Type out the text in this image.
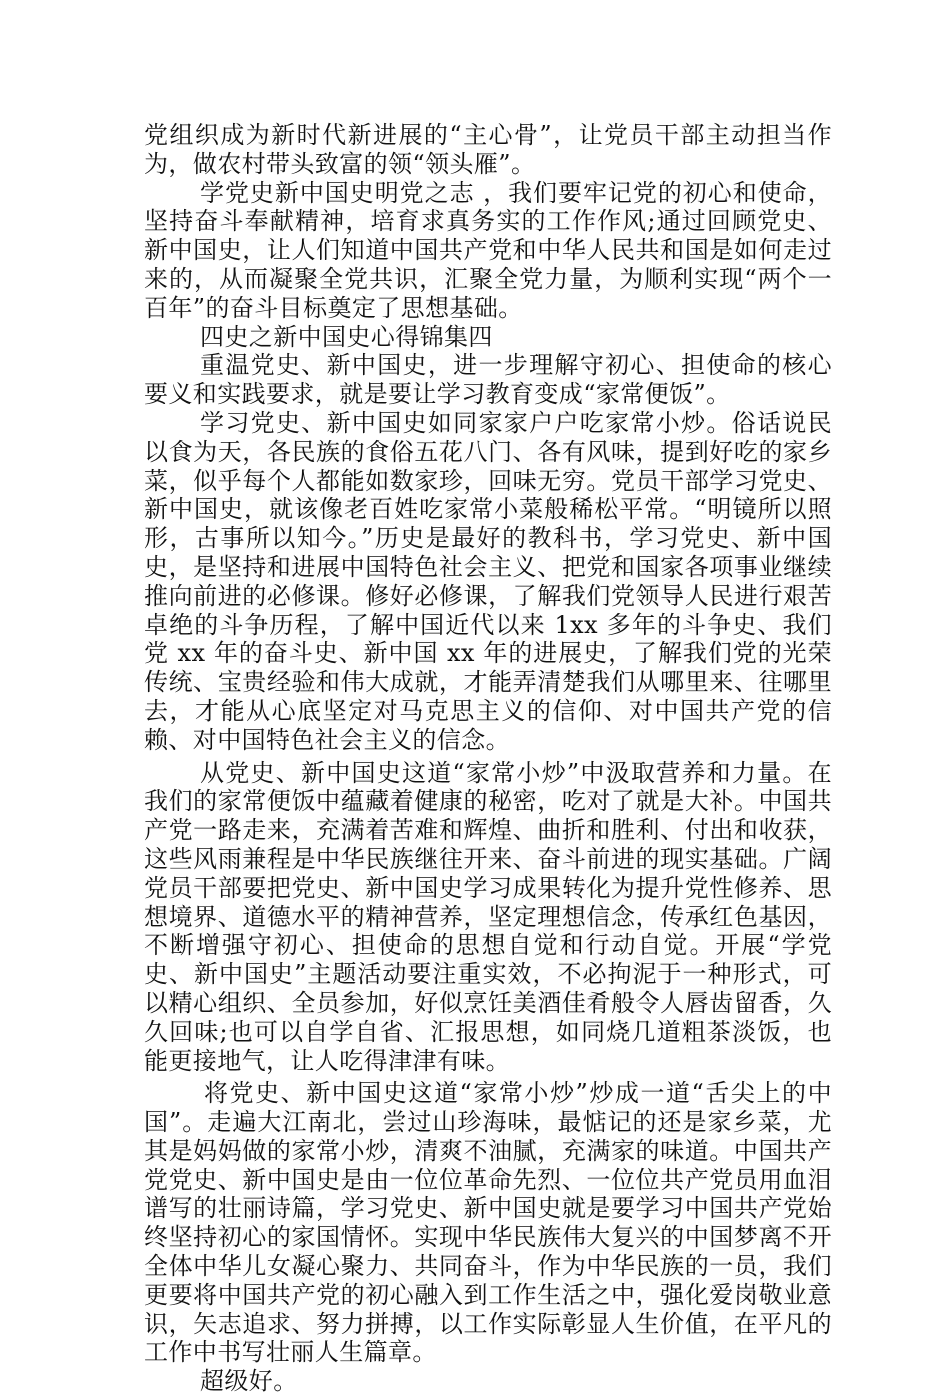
党组织成为新时代新进展的“主心骨”，让党员干部主动担当作为，做农村带头致富的领“领头雁”。

学党史新中国史明党之志 ，我们要牢记党的初心和使命， 坚持奋斗奉献精神，培育求真务实的工作作风;通过回顾党史、新中国史，让人们知道中国共产党和中华人民共和国是如何走过来的，从而凝聚全党共识，汇聚全党力量，为顺利实现“两个一百年”的奋斗目标奠定了思想基础。

四史之新中国史心得锦集四

重温党史、新中国史，进一步理解守初心、担使命的核心要义和实践要求，就是要让学习教育变成“家常便饭”。

学习党史、新中国史如同家家户户吃家常小炒。俗话说民以食为天，各民族的食俗五花八门、各有风味，提到好吃的家乡菜，似乎每个人都能如数家珍，回味无穷。党员干部学习党史、新中国史，就该像老百姓吃家常小菜般稀松平常。“明镜所以照形，古事所以知今。”历史是最好的教科书，学习党史、新中国史，是坚持和进展中国特色社会主义、把党和国家各项事业继续推向前进的必修课。修好必修课，了解我们党领导人民进行艰苦卓绝的斗争历程，了解中国近代以来 1xx 多年的斗争史、我们党 xx 年的奋斗史、新中国 xx 年的进展史，了解我们党的光荣传统、宝贵经验和伟大成就，才能弄清楚我们从哪里来、往哪里去，才能从心底坚定对马克思主义的信仰、对中国共产党的信赖、对中国特色社会主义的信念。

从党史、新中国史这道“家常小炒”中汲取营养和力量。在我们的家常便饭中蕴藏着健康的秘密，吃对了就是大补。中国共产党一路走来，充满着苦难和辉煌、曲折和胜利、付出和收获，这些风雨兼程是中华民族继往开来、奋斗前进的现实基础。广阔党员干部要把党史、新中国史学习成果转化为提升党性修养、思想境界、道德水平的精神营养，坚定理想信念，传承红色基因，不断增强守初心、担使命的思想自觉和行动自觉。开展“学党史、新中国史”主题活动要注重实效，不必拘泥于一种形式，可以精心组织、全员参加，好似烹饪美酒佳肴般令人唇齿留香，久久回味;也可以自学自省、汇报思想，如同烧几道粗茶淡饭，也能更接地气，让人吃得津津有味。

将党史、新中国史这道“家常小炒”炒成一道“舌尖上的中国”。走遍大江南北，尝过山珍海味，最惦记的还是家乡菜，尤其是妈妈做的家常小炒，清爽不油腻，充满家的味道。中国共产党党史、新中国史是由一位位革命先烈、一位位共产党员用血泪谱写的壮丽诗篇，学习党史、新中国史就是要学习中国共产党始终坚持初心的家国情怀。实现中华民族伟大复兴的中国梦离不开全体中华儿女凝心聚力、共同奋斗，作为中华民族的一员，我们更要将中国共产党的初心融入到工作生活之中，强化爱岗敬业意识，矢志追求、努力拼搏，以工作实际彰显人生价值，在平凡的工作中书写壮丽人生篇章。

超级好。
